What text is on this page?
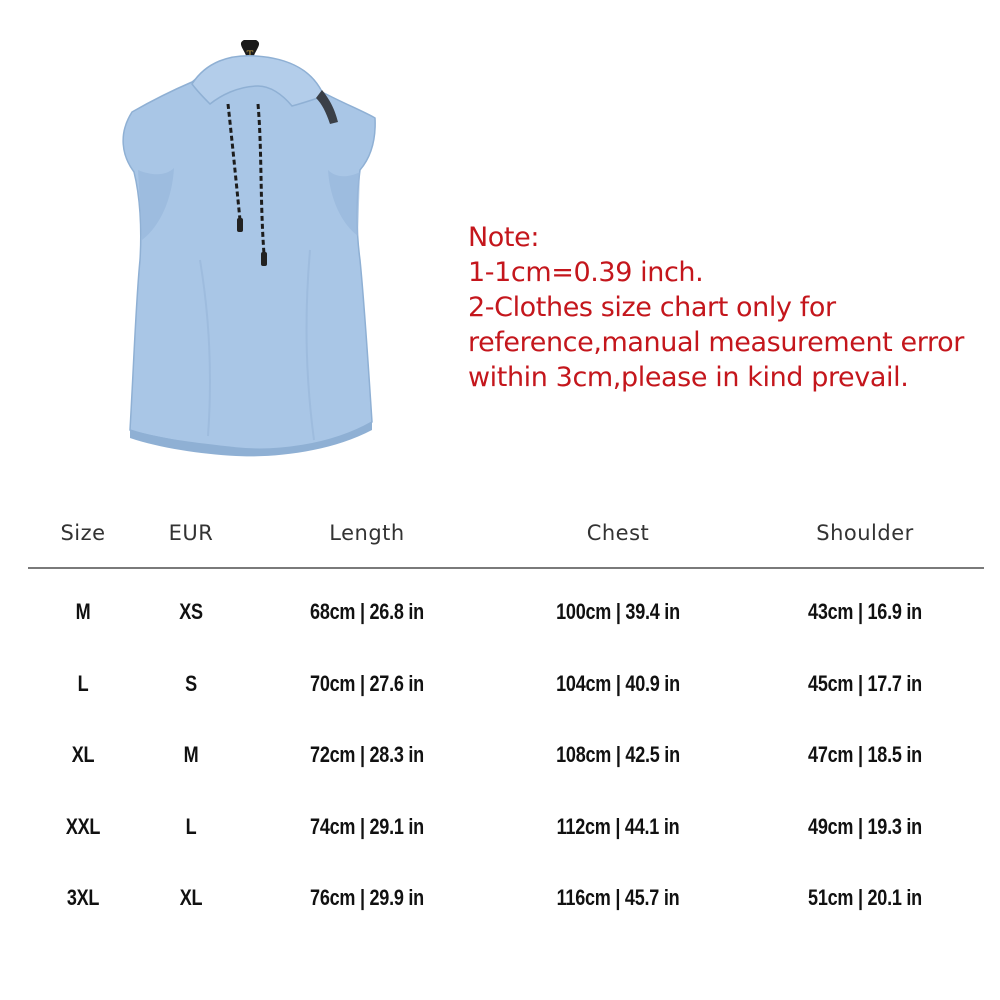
Note:
1-1cm=0.39 inch.
2-Clothes size chart only for
reference,manual measurement error
within 3cm,please in kind prevail.
Size	EUR	Length	Chest	Shoulder
M	XS	68cm | 26.8 in	100cm | 39.4 in	43cm | 16.9 in
L	S	70cm | 27.6 in	104cm | 40.9 in	45cm | 17.7 in
XL	M	72cm | 28.3 in	108cm | 42.5 in	47cm | 18.5 in
XXL	L	74cm | 29.1 in	112cm | 44.1 in	49cm | 19.3 in
3XL	XL	76cm | 29.9 in	116cm | 45.7 in	51cm | 20.1 in
